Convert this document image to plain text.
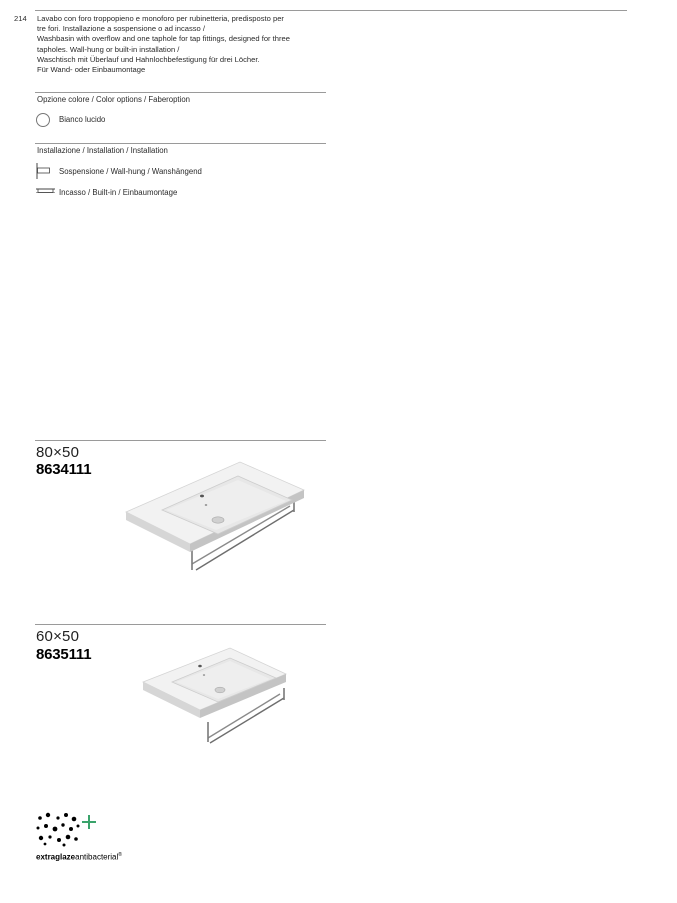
214 Lavabo con foro troppopieno e monoforo per rubinetteria, predisposto per
tre fori. Installazione a sospensione o ad incasso /
Washbasin with overflow and one taphole for tap fittings, designed for three
tapholes. Wall-hung or built-in installation /
Waschtisch mit Überlauf und Hahnlochbefestigung für drei Löcher.
Für Wand- oder Einbaumontage
Opzione colore / Color options / Faberoption
Bianco lucido
Installazione / Installation / Installation
Sospensione / Wall-hung / Wanshängend
Incasso / Built-in / Einbaumontage
80×50
8634111
60×50
8635111
extraglazeantibacterial®
